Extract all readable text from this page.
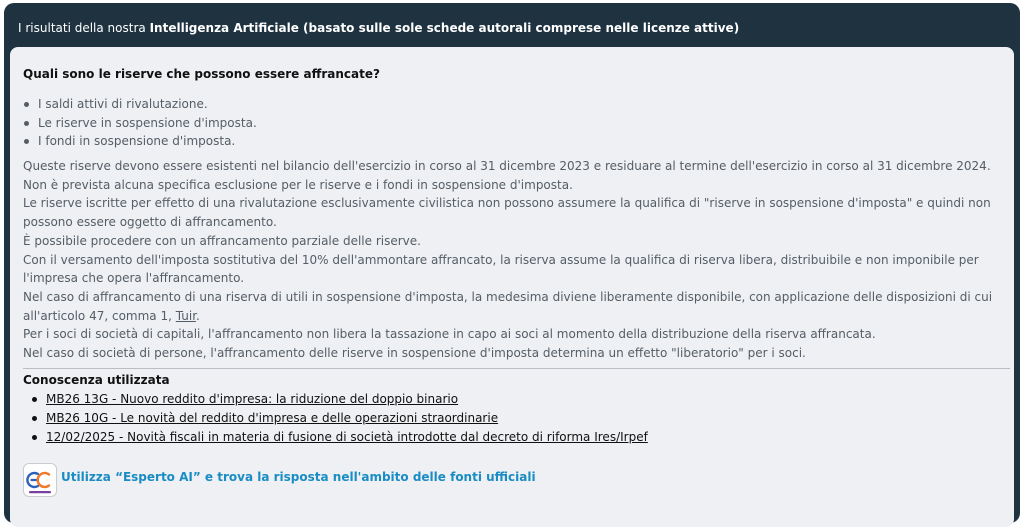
I risultati della nostra Intelligenza Artificiale (basato sulle sole schede autorali comprese nelle licenze attive)
Quali sono le riserve che possono essere affrancate?
I saldi attivi di rivalutazione.
Le riserve in sospensione d'imposta.
I fondi in sospensione d'imposta.

Queste riserve devono essere esistenti nel bilancio dell'esercizio in corso al 31 dicembre 2023 e residuare al termine dell'esercizio in corso al 31 dicembre 2024.

Non è prevista alcuna specifica esclusione per le riserve e i fondi in sospensione d'imposta.

Le riserve iscritte per effetto di una rivalutazione esclusivamente civilistica non possono assumere la qualifica di "riserve in sospensione d'imposta" e quindi non possono essere oggetto di affrancamento.

È possibile procedere con un affrancamento parziale delle riserve.

Con il versamento dell'imposta sostitutiva del 10% dell'ammontare affrancato, la riserva assume la qualifica di riserva libera, distribuibile e non imponibile per l'impresa che opera l'affrancamento.

Nel caso di affrancamento di una riserva di utili in sospensione d'imposta, la medesima diviene liberamente disponibile, con applicazione delle disposizioni di cui all'articolo 47, comma 1, Tuir.

Per i soci di società di capitali, l'affrancamento non libera la tassazione in capo ai soci al momento della distribuzione della riserva affrancata.

Nel caso di società di persone, l'affrancamento delle riserve in sospensione d'imposta determina un effetto "liberatorio" per i soci.

Conoscenza utilizzata
MB26 13G - Nuovo reddito d'impresa: la riduzione del doppio binario
MB26 10G - Le novità del reddito d'impresa e delle operazioni straordinarie
12/02/2025 - Novità fiscali in materia di fusione di società introdotte dal decreto di riforma Ires/Irpef
Utilizza “Esperto AI” e trova la risposta nell'ambito delle fonti ufficiali
